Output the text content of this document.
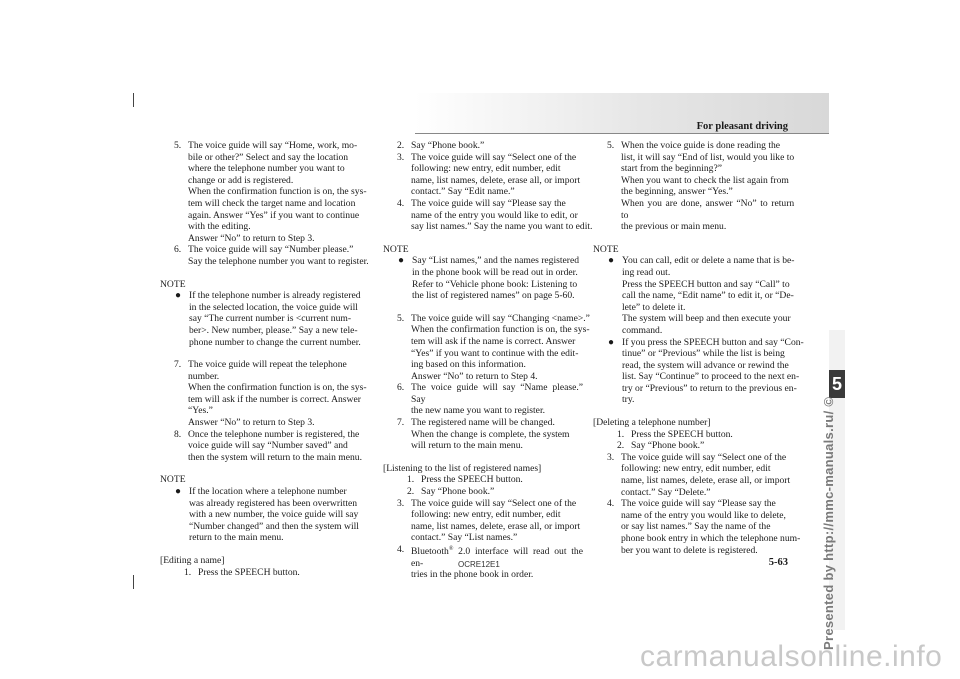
For pleasant driving
5
Presented by http://mmc-manuals.ru/ ©
5. The voice guide will say “Home, work, mo-

bile or other?” Select and say the location

where the telephone number you want to

change or add is registered.

When the confirmation function is on, the sys-

tem will check the target name and location

again. Answer “Yes” if you want to continue

with the editing.

Answer “No” to return to Step 3.

6. The voice guide will say “Number please.”

Say the telephone number you want to register.

NOTE

● If the telephone number is already registered

in the selected location, the voice guide will

say “The current number is <current num-

ber>. New number, please.” Say a new tele-

phone number to change the current number.

7. The voice guide will repeat the telephone

number.

When the confirmation function is on, the sys-

tem will ask if the number is correct. Answer

“Yes.”

Answer “No” to return to Step 3.

8. Once the telephone number is registered, the

voice guide will say “Number saved” and

then the system will return to the main menu.

NOTE

● If the location where a telephone number

was already registered has been overwritten

with a new number, the voice guide will say

“Number changed” and then the system will

return to the main menu.

[Editing a name]

1. Press the SPEECH button.

2. Say “Phone book.”

3. The voice guide will say “Select one of the

following: new entry, edit number, edit

name, list names, delete, erase all, or import

contact.” Say “Edit name.”

4. The voice guide will say “Please say the

name of the entry you would like to edit, or

say list names.” Say the name you want to edit.

NOTE

● Say “List names,” and the names registered

in the phone book will be read out in order.

Refer to “Vehicle phone book: Listening to

the list of registered names” on page 5-60.

5. The voice guide will say “Changing <name>.”

When the confirmation function is on, the sys-

tem will ask if the name is correct. Answer

“Yes” if you want to continue with the edit-

ing based on this information.

Answer “No” to return to Step 4.

6. The voice guide will say “Name please.” Say

the new name you want to register.

7. The registered name will be changed.

When the change is complete, the system

will return to the main menu.

[Listening to the list of registered names]

1. Press the SPEECH button.

2. Say “Phone book.”

3. The voice guide will say “Select one of the

following: new entry, edit number, edit

name, list names, delete, erase all, or import

contact.” Say “List names.”

4. Bluetooth® 2.0 interface will read out the en-

tries in the phone book in order.

5. When the voice guide is done reading the

list, it will say “End of list, would you like to

start from the beginning?”

When you want to check the list again from

the beginning, answer “Yes.”

When you are done, answer “No” to return to

the previous or main menu.

NOTE

● You can call, edit or delete a name that is be-

ing read out.

Press the SPEECH button and say “Call” to

call the name, “Edit name” to edit it, or “De-

lete” to delete it.

The system will beep and then execute your

command.

● If you press the SPEECH button and say “Con-

tinue” or “Previous” while the list is being

read, the system will advance or rewind the

list. Say “Continue” to proceed to the next en-

try or “Previous” to return to the previous en-

try.

[Deleting a telephone number]

1. Press the SPEECH button.

2. Say “Phone book.”

3. The voice guide will say “Select one of the

following: new entry, edit number, edit

name, list names, delete, erase all, or import

contact.” Say “Delete.”

4. The voice guide will say “Please say the

name of the entry you would like to delete,

or say list names.” Say the name of the

phone book entry in which the telephone num-

ber you want to delete is registered.

OCRE12E1	5-63
carmanualsonline.info
